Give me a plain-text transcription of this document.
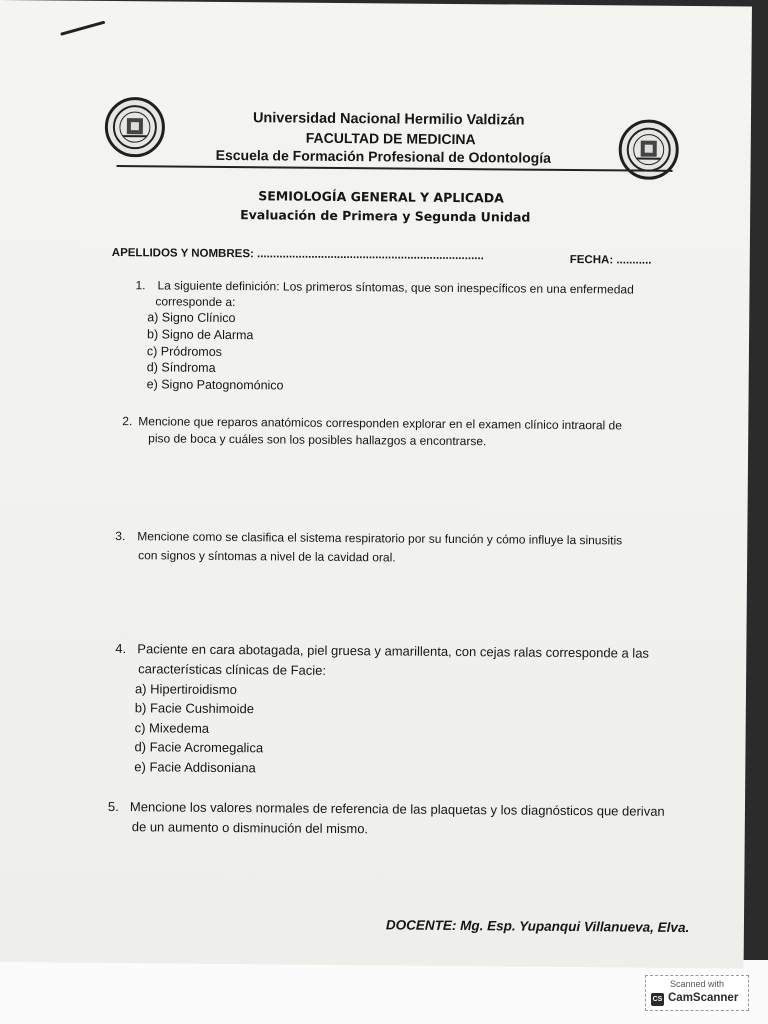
Universidad Nacional Hermilio Valdizán
FACULTAD DE MEDICINA
Escuela de Formación Profesional de Odontología
SEMIOLOGÍA GENERAL Y APLICADA
Evaluación de Primera y Segunda Unidad
APELLIDOS Y NOMBRES: .......................................................................	FECHA: ...........
1. La siguiente definición: Los primeros síntomas, que son inespecíficos en una enfermedad
corresponde a:
a) Signo Clínico
b) Signo de Alarma
c) Pródromos
d) Síndroma
e) Signo Patognomónico
2. Mencione que reparos anatómicos corresponden explorar en el examen clínico intraoral de
piso de boca y cuáles son los posibles hallazgos a encontrarse.
3. Mencione como se clasifica el sistema respiratorio por su función y cómo influye la sinusitis
con signos y síntomas a nivel de la cavidad oral.
4. Paciente en cara abotagada, piel gruesa y amarillenta, con cejas ralas corresponde a las
características clínicas de Facie:
a) Hipertiroidismo
b) Facie Cushimoide
c) Mixedema
d) Facie Acromegalica
e) Facie Addisoniana
5. Mencione los valores normales de referencia de las plaquetas y los diagnósticos que derivan
de un aumento o disminución del mismo.
DOCENTE: Mg. Esp. Yupanqui Villanueva, Elva.
Scanned with
CS CamScanner
